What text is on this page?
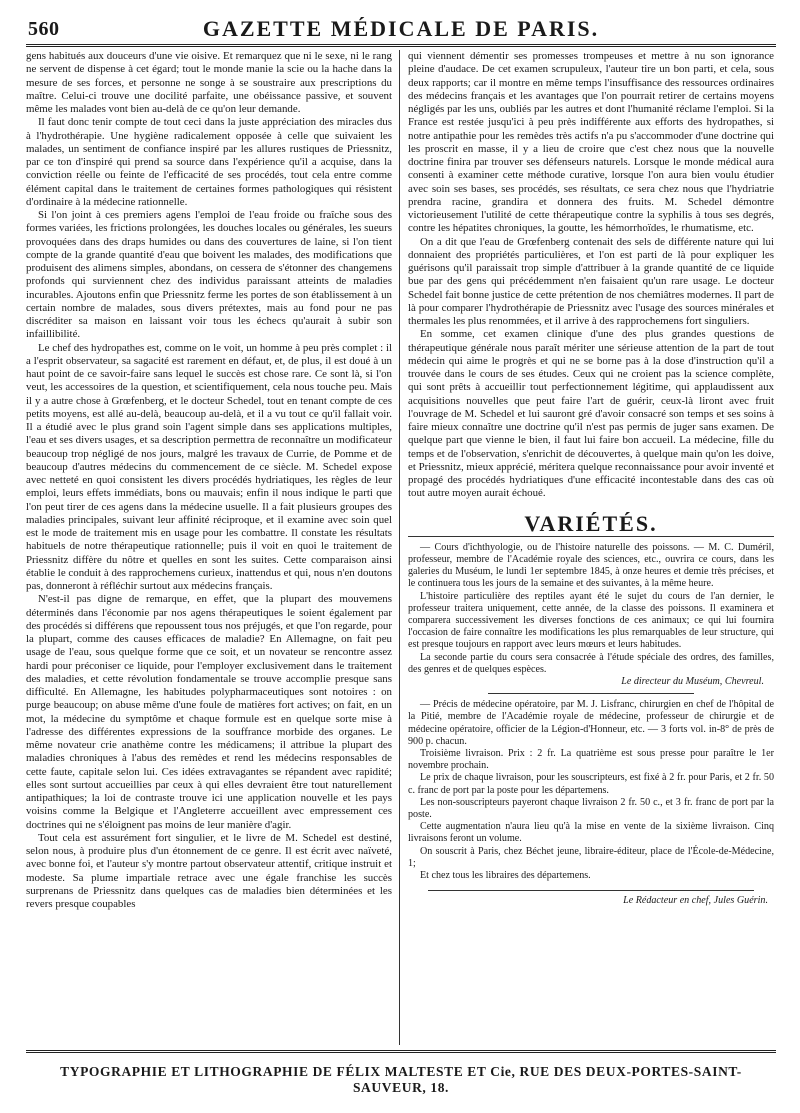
560	GAZETTE MÉDICALE DE PARIS.

gens habitués aux douceurs d'une vie oisive. Et remarquez que ni le sexe, ni le rang ne servent de dispense à cet égard; tout le monde manie la scie ou la hache dans la mesure de ses forces, et personne ne songe à se soustraire aux prescriptions du maître. Celui-ci trouve une docilité parfaite, une obéissance passive, et souvent même les malades vont bien au-delà de ce qu'on leur demande.

Il faut donc tenir compte de tout ceci dans la juste appréciation des miracles dus à l'hydrothérapie. Une hygiène radicalement opposée à celle que suivaient les malades, un sentiment de confiance inspiré par les allures rustiques de Priessnitz, par ce ton d'inspiré qui prend sa source dans l'expérience qu'il a acquise, dans la conviction réelle ou feinte de l'efficacité de ses procédés, tout cela entre comme élément capital dans le traitement de certaines formes pathologiques qui résistent d'ordinaire à la médecine rationnelle.

Si l'on joint à ces premiers agens l'emploi de l'eau froide ou fraîche sous des formes variées, les frictions prolongées, les douches locales ou générales, les sueurs provoquées dans des draps humides ou dans des couvertures de laine, si l'on tient compte de la grande quantité d'eau que boivent les malades, des modifications que produisent des alimens simples, abondans, on cessera de s'étonner des changemens profonds qui surviennent chez des individus paraissant atteints de maladies incurables. Ajoutons enfin que Priessnitz ferme les portes de son établissement à un certain nombre de malades, sous divers prétextes, mais au fond pour ne pas discréditer sa maison en laissant voir tous les échecs qu'aurait à subir son infaillibilité.

Le chef des hydropathes est, comme on le voit, un homme à peu près complet : il a l'esprit observateur, sa sagacité est rarement en défaut, et, de plus, il est doué à un haut point de ce savoir-faire sans lequel le succès est chose rare. Ce sont là, si l'on veut, les accessoires de la question, et scientifiquement, cela nous touche peu. Mais il y a autre chose à Grœfenberg, et le docteur Schedel, tout en tenant compte de ces petits moyens, est allé au-delà, beaucoup au-delà, et il a vu tout ce qu'il fallait voir. Il a étudié avec le plus grand soin l'agent simple dans ses applications multiples, l'eau et ses divers usages, et sa description permettra de reconnaître un modificateur beaucoup trop négligé de nos jours, malgré les travaux de Currie, de Pomme et de beaucoup d'autres médecins du commencement de ce siècle. M. Schedel expose avec netteté en quoi consistent les divers procédés hydriatiques, les règles de leur emploi, leurs effets immédiats, bons ou mauvais; enfin il nous indique le parti que l'on peut tirer de ces agens dans la médecine usuelle. Il a fait plusieurs groupes des maladies principales, suivant leur affinité réciproque, et il examine avec soin quel est le mode de traitement mis en usage pour les combattre. Il constate les résultats habituels de notre thérapeutique rationnelle; puis il voit en quoi le traitement de Priessnitz diffère du nôtre et quelles en sont les suites. Cette comparaison ainsi établie le conduit à des rapprochemens curieux, inattendus et qui, nous n'en doutons pas, donneront à réfléchir surtout aux médecins français.

N'est-il pas digne de remarque, en effet, que la plupart des mouvemens déterminés dans l'économie par nos agens thérapeutiques le soient également par des procédés si différens que repoussent tous nos préjugés, et que l'on regarde, pour la plupart, comme des causes efficaces de maladie? En Allemagne, on fait peu usage de l'eau, sous quelque forme que ce soit, et un novateur se rencontre assez hardi pour préconiser ce liquide, pour l'employer exclusivement dans le traitement des maladies, et cette révolution fondamentale se trouve accomplie presque sans difficulté. En Allemagne, les habitudes polypharmaceutiques sont notoires : on purge beaucoup; on abuse même d'une foule de matières fort actives; on fait, en un mot, la médecine du symptôme et chaque formule est en quelque sorte mise à l'adresse des différentes expressions de la souffrance morbide des organes. Le même novateur crie anathème contre les médicamens; il attribue la plupart des maladies chroniques à l'abus des remèdes et rend les médecins responsables de cette faute, capitale selon lui. Ces idées extravagantes se répandent avec rapidité; elles sont surtout accueillies par ceux à qui elles devraient être tout naturellement antipathiques; la loi de contraste trouve ici une application nouvelle et les pays voisins comme la Belgique et l'Angleterre accueillent avec empressement ces doctrines qui ne s'éloignent pas moins de leur manière d'agir.

Tout cela est assurément fort singulier, et le livre de M. Schedel est destiné, selon nous, à produire plus d'un étonnement de ce genre. Il est écrit avec naïveté, avec bonne foi, et l'auteur s'y montre partout observateur attentif, critique instruit et modeste. Sa plume impartiale retrace avec une égale franchise les succès surprenans de Priessnitz dans quelques cas de maladies bien déterminées et les revers presque coupables

qui viennent démentir ses promesses trompeuses et mettre à nu son ignorance pleine d'audace. De cet examen scrupuleux, l'auteur tire un bon parti, et cela, sous deux rapports; car il montre en même temps l'insuffisance des ressources ordinaires des médecins français et les avantages que l'on pourrait retirer de certains moyens négligés par les uns, oubliés par les autres et dont l'humanité réclame l'emploi. Si la France est restée jusqu'ici à peu près indifférente aux efforts des hydropathes, si notre antipathie pour les remèdes très actifs n'a pu s'accommoder d'une doctrine qui les proscrit en masse, il y a lieu de croire que c'est chez nous que la nouvelle doctrine finira par trouver ses défenseurs naturels. Lorsque le monde médical aura consenti à examiner cette méthode curative, lorsque l'on aura bien voulu étudier avec soin ses bases, ses procédés, ses résultats, ce sera chez nous que l'hydriatrie prendra racine, grandira et donnera des fruits. M. Schedel démontre victorieusement l'utilité de cette thérapeutique contre la syphilis à tous ses degrés, contre les hépatites chroniques, la goutte, les hémorrhoïdes, le rhumatisme, etc.

On a dit que l'eau de Grœfenberg contenait des sels de différente nature qui lui donnaient des propriétés particulières, et l'on est parti de là pour expliquer les guérisons qu'il paraissait trop simple d'attribuer à la grande quantité de ce liquide bue par des gens qui précédemment n'en faisaient qu'un rare usage. Le docteur Schedel fait bonne justice de cette prétention de nos chemiâtres modernes. Il part de là pour comparer l'hydrothérapie de Priessnitz avec l'usage des sources minérales et thermales les plus renommées, et il arrive à des rapprochemens fort singuliers.

En somme, cet examen clinique d'une des plus grandes questions de thérapeutique générale nous paraît mériter une sérieuse attention de la part de tout médecin qui aime le progrès et qui ne se borne pas à la dose d'instruction qu'il a trouvée dans le cours de ses études. Ceux qui ne croient pas la science complète, qui sont prêts à accueillir tout perfectionnement légitime, qui applaudissent aux acquisitions nouvelles que peut faire l'art de guérir, ceux-là liront avec fruit l'ouvrage de M. Schedel et lui sauront gré d'avoir consacré son temps et ses soins à faire mieux connaître une doctrine qu'il n'est pas permis de juger sans examen. De quelque part que vienne le bien, il faut lui faire bon accueil. La médecine, fille du temps et de l'observation, s'enrichit de découvertes, à quelque main qu'on les doive, et Priessnitz, mieux apprécié, méritera quelque reconnaissance pour avoir inventé et propagé des procédés hydriatiques d'une efficacité incontestable dans des cas où tout autre moyen aurait échoué.

VARIÉTÉS.

— Cours d'ichthyologie, ou de l'histoire naturelle des poissons. — M. C. Duméril, professeur, membre de l'Académie royale des sciences, etc., ouvrira ce cours, dans les galeries du Muséum, le lundi 1er septembre 1845, à onze heures et demie très précises, et le continuera tous les jours de la semaine et des suivantes, à la même heure.

L'histoire particulière des reptiles ayant été le sujet du cours de l'an dernier, le professeur traitera uniquement, cette année, de la classe des poissons. Il examinera et comparera successivement les diverses fonctions de ces animaux; ce qui lui fournira l'occasion de faire connaître les modifications les plus remarquables de leur structure, qui est presque toujours en rapport avec leurs mœurs et leurs habitudes.

La seconde partie du cours sera consacrée à l'étude spéciale des ordres, des familles, des genres et de quelques espèces.

Le directeur du Muséum, Chevreul.

— Précis de médecine opératoire, par M. J. Lisfranc, chirurgien en chef de l'hôpital de la Pitié, membre de l'Académie royale de médecine, professeur de chirurgie et de médecine opératoire, officier de la Légion-d'Honneur, etc. — 3 forts vol. in-8° de près de 900 p. chacun.

Troisième livraison. Prix : 2 fr. La quatrième est sous presse pour paraître le 1er novembre prochain.

Le prix de chaque livraison, pour les souscripteurs, est fixé à 2 fr. pour Paris, et 2 fr. 50 c. franc de port par la poste pour les départemens.

Les non-souscripteurs payeront chaque livraison 2 fr. 50 c., et 3 fr. franc de port par la poste.

Cette augmentation n'aura lieu qu'à la mise en vente de la sixième livraison. Cinq livraisons feront un volume.

On souscrit à Paris, chez Béchet jeune, libraire-éditeur, place de l'École-de-Médecine, 1;

Et chez tous les libraires des départemens.

Le Rédacteur en chef, Jules Guérin.

TYPOGRAPHIE ET LITHOGRAPHIE DE FÉLIX MALTESTE ET Cie, RUE DES DEUX-PORTES-SAINT-SAUVEUR, 18.
